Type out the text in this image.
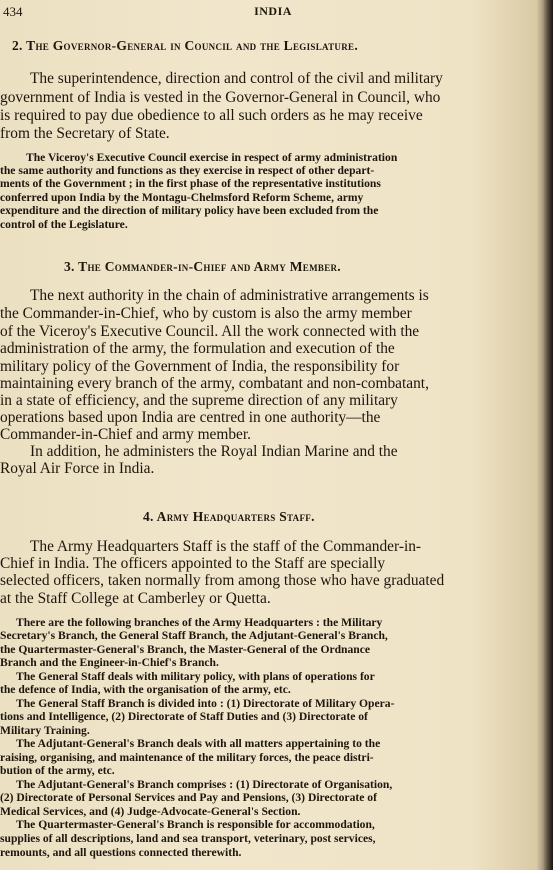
434	INDIA
2. The Governor-General in Council and the Legislature.
The superintendence, direction and control of the civil and military
government of India is vested in the Governor-General in Council, who
is required to pay due obedience to all such orders as he may receive
from the Secretary of State.
The Viceroy's Executive Council exercise in respect of army administration
the same authority and functions as they exercise in respect of other depart-
ments of the Government ; in the first phase of the representative institutions
conferred upon India by the Montagu-Chelmsford Reform Scheme, army
expenditure and the direction of military policy have been excluded from the
control of the Legislature.
3. The Commander-in-Chief and Army Member.
The next authority in the chain of administrative arrangements is
the Commander-in-Chief, who by custom is also the army member
of the Viceroy's Executive Council. All the work connected with the
administration of the army, the formulation and execution of the
military policy of the Government of India, the responsibility for
maintaining every branch of the army, combatant and non-combatant,
in a state of efficiency, and the supreme direction of any military
operations based upon India are centred in one authority—the
Commander-in-Chief and army member.
In addition, he administers the Royal Indian Marine and the
Royal Air Force in India.
4. Army Headquarters Staff.
The Army Headquarters Staff is the staff of the Commander-in-
Chief in India. The officers appointed to the Staff are specially
selected officers, taken normally from among those who have graduated
at the Staff College at Camberley or Quetta.
There are the following branches of the Army Headquarters : the Military
Secretary's Branch, the General Staff Branch, the Adjutant-General's Branch,
the Quartermaster-General's Branch, the Master-General of the Ordnance
Branch and the Engineer-in-Chief's Branch.
The General Staff deals with military policy, with plans of operations for
the defence of India, with the organisation of the army, etc.
The General Staff Branch is divided into : (1) Directorate of Military Opera-
tions and Intelligence, (2) Directorate of Staff Duties and (3) Directorate of
Military Training.
The Adjutant-General's Branch deals with all matters appertaining to the
raising, organising, and maintenance of the military forces, the peace distri-
bution of the army, etc.
The Adjutant-General's Branch comprises : (1) Directorate of Organisation,
(2) Directorate of Personal Services and Pay and Pensions, (3) Directorate of
Medical Services, and (4) Judge-Advocate-General's Section.
The Quartermaster-General's Branch is responsible for accommodation,
supplies of all descriptions, land and sea transport, veterinary, post services,
remounts, and all questions connected therewith.
